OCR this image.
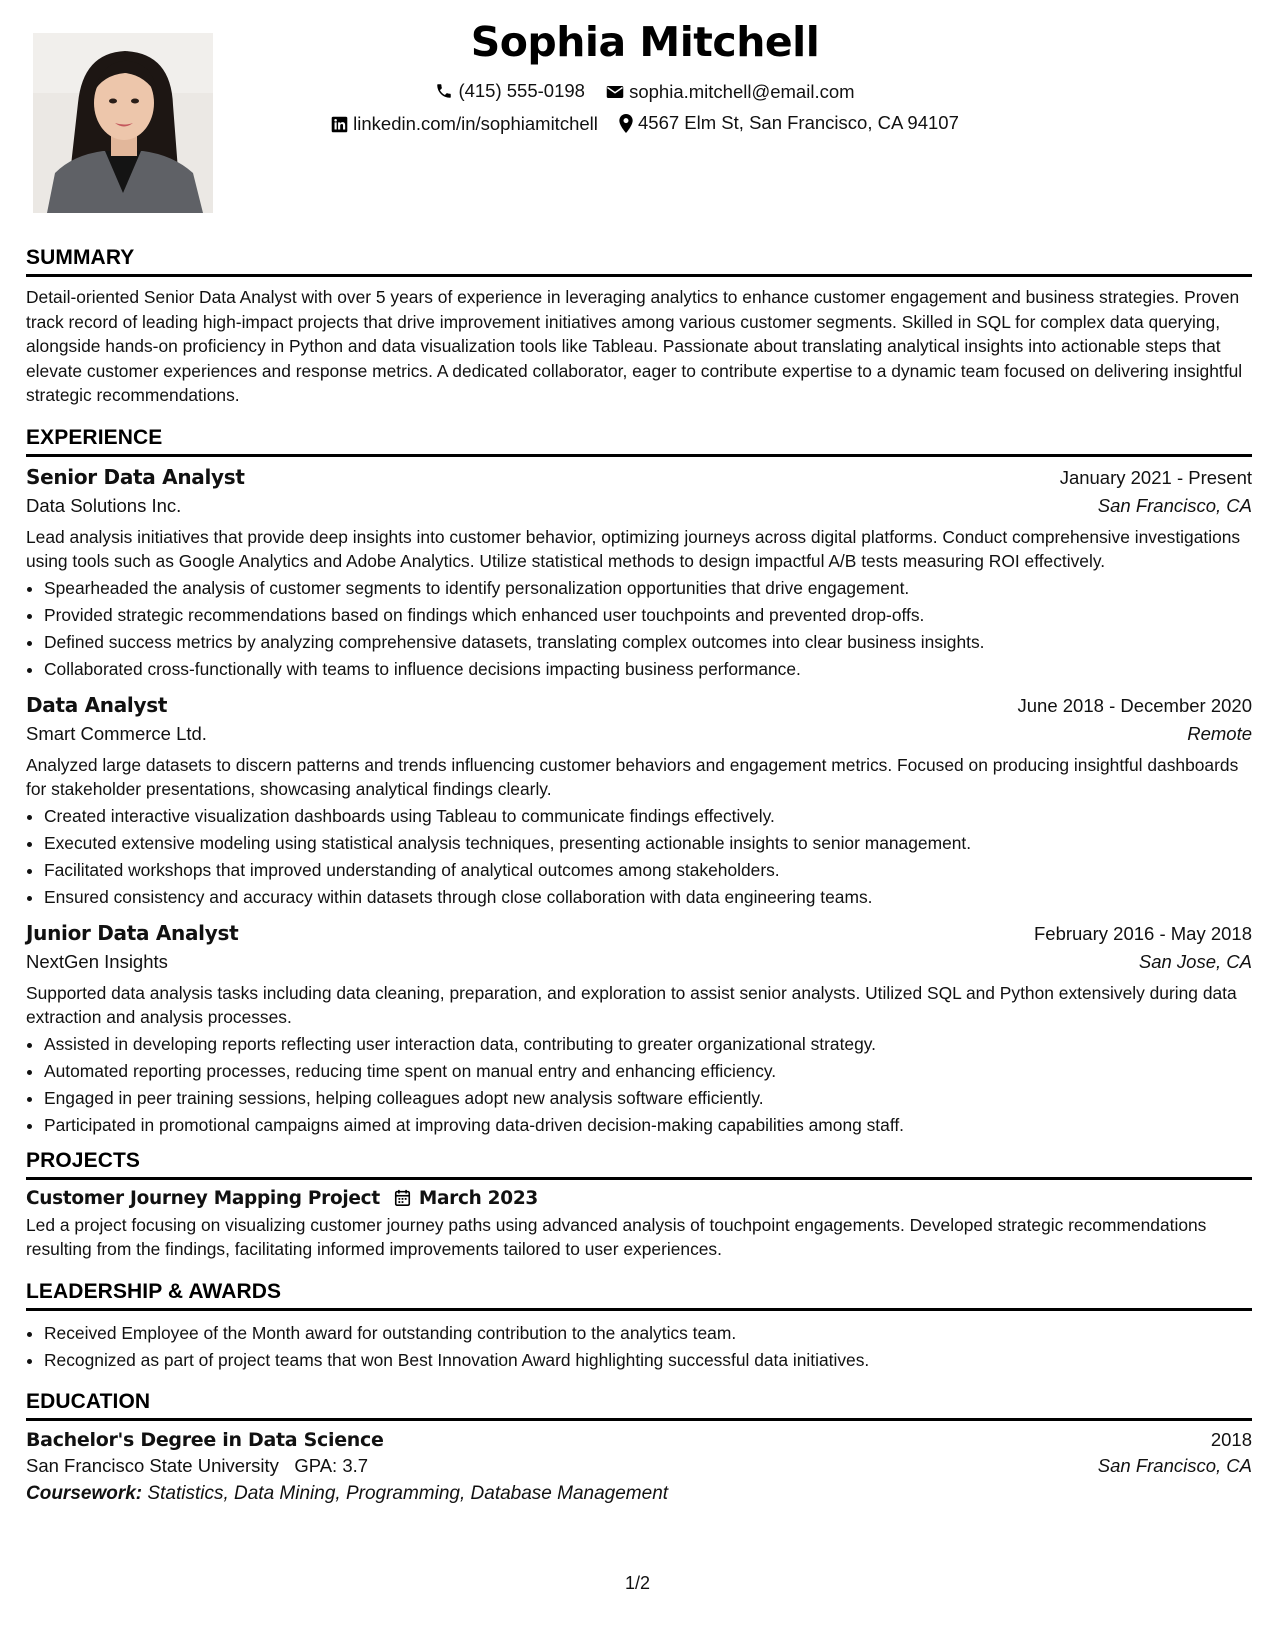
Sophia Mitchell
(415) 555-0198
sophia.mitchell@email.com
linkedin.com/in/sophiamitchell
4567 Elm St, San Francisco, CA 94107
SUMMARY
Detail-oriented Senior Data Analyst with over 5 years of experience in leveraging analytics to enhance customer engagement and business strategies. Proven track record of leading high-impact projects that drive improvement initiatives among various customer segments. Skilled in SQL for complex data querying, alongside hands-on proficiency in Python and data visualization tools like Tableau. Passionate about translating analytical insights into actionable steps that elevate customer experiences and response metrics. A dedicated collaborator, eager to contribute expertise to a dynamic team focused on delivering insightful strategic recommendations.
EXPERIENCE
Senior Data Analyst	January 2021 - Present
Data Solutions Inc.	San Francisco, CA
Lead analysis initiatives that provide deep insights into customer behavior, optimizing journeys across digital platforms. Conduct comprehensive investigations using tools such as Google Analytics and Adobe Analytics. Utilize statistical methods to design impactful A/B tests measuring ROI effectively.
• Spearheaded the analysis of customer segments to identify personalization opportunities that drive engagement.
• Provided strategic recommendations based on findings which enhanced user touchpoints and prevented drop-offs.
• Defined success metrics by analyzing comprehensive datasets, translating complex outcomes into clear business insights.
• Collaborated cross-functionally with teams to influence decisions impacting business performance.
Data Analyst	June 2018 - December 2020
Smart Commerce Ltd.	Remote
Analyzed large datasets to discern patterns and trends influencing customer behaviors and engagement metrics. Focused on producing insightful dashboards for stakeholder presentations, showcasing analytical findings clearly.
• Created interactive visualization dashboards using Tableau to communicate findings effectively.
• Executed extensive modeling using statistical analysis techniques, presenting actionable insights to senior management.
• Facilitated workshops that improved understanding of analytical outcomes among stakeholders.
• Ensured consistency and accuracy within datasets through close collaboration with data engineering teams.
Junior Data Analyst	February 2016 - May 2018
NextGen Insights	San Jose, CA
Supported data analysis tasks including data cleaning, preparation, and exploration to assist senior analysts. Utilized SQL and Python extensively during data extraction and analysis processes.
• Assisted in developing reports reflecting user interaction data, contributing to greater organizational strategy.
• Automated reporting processes, reducing time spent on manual entry and enhancing efficiency.
• Engaged in peer training sessions, helping colleagues adopt new analysis software efficiently.
• Participated in promotional campaigns aimed at improving data-driven decision-making capabilities among staff.
PROJECTS
Customer Journey Mapping Project March 2023
Led a project focusing on visualizing customer journey paths using advanced analysis of touchpoint engagements. Developed strategic recommendations resulting from the findings, facilitating informed improvements tailored to user experiences.
LEADERSHIP & AWARDS
• Received Employee of the Month award for outstanding contribution to the analytics team.
• Recognized as part of project teams that won Best Innovation Award highlighting successful data initiatives.
EDUCATION
Bachelor's Degree in Data Science	2018
San Francisco State University GPA: 3.7	San Francisco, CA
Coursework: Statistics, Data Mining, Programming, Database Management
1/2
